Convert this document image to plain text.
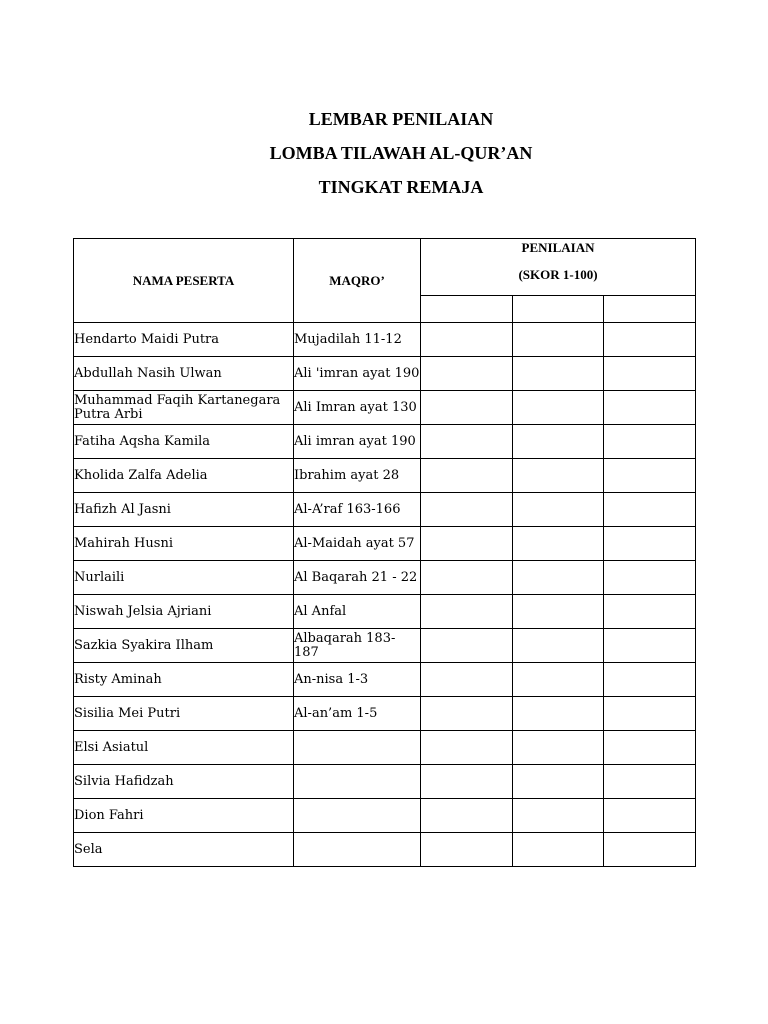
LEMBAR PENILAIAN
LOMBA TILAWAH AL-QUR’AN
TINGKAT REMAJA
NAMA PESERTA	MAQRO’	PENILAIAN
(SKOR 1-100)		

Hendarto Maidi Putra	Mujadilah 11-12			

Abdullah Nasih Ulwan	Ali 'imran ayat 190			

Muhammad Faqih Kartanegara Putra Arbi	Ali Imran ayat 130			

Fatiha Aqsha Kamila	Ali imran ayat 190			

Kholida Zalfa Adelia	Ibrahim ayat 28			

Hafizh Al Jasni	Al-A’raf 163-166			

Mahirah Husni	Al-Maidah ayat 57			

Nurlaili	Al Baqarah 21 - 22			

Niswah Jelsia Ajriani	Al Anfal			

Sazkia Syakira Ilham	Albaqarah 183-187			

Risty Aminah	An-nisa 1-3			

Sisilia Mei Putri	Al-an’am 1-5			

Elsi Asiatul				

Silvia Hafidzah				

Dion Fahri				

Sela				
